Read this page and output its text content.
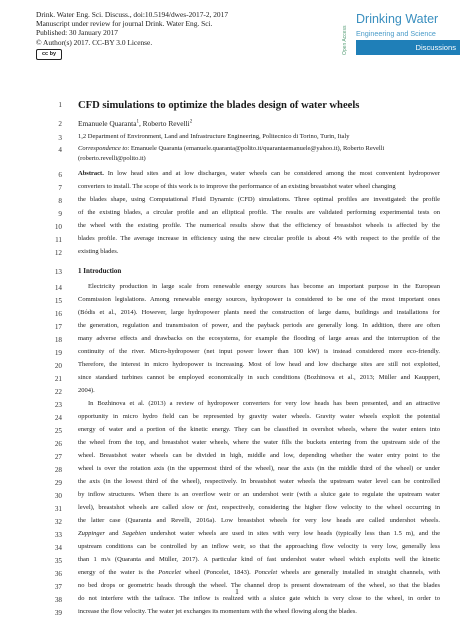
Drink. Water Eng. Sci. Discuss., doi:10.5194/dwes-2017-2, 2017
Manuscript under review for journal Drink. Water Eng. Sci.
Published: 30 January 2017
© Author(s) 2017. CC-BY 3.0 License.
cc by	Open Access
Drinking Water
Engineering and Science
Discussions
1 CFD simulations to optimize the blades design of water wheels
2 Emanuele Quaranta$^1$, Roberto Revelli$^2$
3 1,2 Department of Environment, Land and Infrastructure Engineering, Politecnico di Torino, Turin, Italy
4 Correspondence to: Emanuele Quaranta (emanuele.quaranta@polito.it/quarantaemanuele@yahoo.it), Roberto Revelli
(roberto.revelli@polito.it)
6 Abstract. In low head sites and at low discharges, water wheels can be considered among the most convenient hydropower
7 converters to install. The scope of this work is to improve the performance of an existing breastshot water wheel changing
8 the blades shape, using Computational Fluid Dynamic (CFD) simulations. Three optimal profiles are investigated: the profile
9 of the existing blades, a circular profile and an elliptical profile. The results are validated performing experimental tests on
10 the wheel with the existing profile. The numerical results show that the efficiency of breastshot wheels is affected by the
11 blades profile. The average increase in efficiency using the new circular profile is about 4% with respect to the profile of the
12 existing blades.
13 1 Introduction
14	Electricity production in large scale from renewable energy sources has become an important purpose in the European
15 Commission legislations. Among renewable energy sources, hydropower is considered to be one of the most important ones
16 (Bódis et al., 2014). However, large hydropower plants need the construction of large dams, buildings and installations for
17 the generation, regulation and transmission of power, and the payback periods are generally long. In addition, there are often
18 many adverse effects and drawbacks on the ecosystems, for example the flooding of large areas and the interruption of the
19 continuity of the river. Micro-hydropower (net input power lower than 100 kW) is instead considered more eco-friendly.
20 Therefore, the interest in micro hydropower is increasing. Most of low head and low discharge sites are still not exploited,
21 since standard turbines cannot be employed economically in such conditions (Bozhinova et al., 2013; Müller and Kauppert,
22 2004).
23	In Bozhinova et al. (2013) a review of hydropower converters for very low heads has been presented, and an attractive
24 opportunity in micro hydro field can be represented by gravity water wheels. Gravity water wheels exploit the potential
25 energy of water and a portion of the kinetic energy. They can be classified in overshot wheels, where the water enters into
26 the wheel from the top, and breastshot water wheels, where the water fills the buckets entering from the upstream side of the
27 wheel. Breastshot water wheels can be divided in high, middle and low, depending whether the water entry point to the
28 wheel is over the rotation axis (in the uppermost third of the wheel), near the axis (in the middle third of the wheel) or under
29 the axis (in the lowest third of the wheel), respectively. In breastshot water wheels the upstream water level can be controlled
30 by inflow structures. When there is an overflow weir or an undershot weir (with a sluice gate to regulate the upstream water
31 level), breastshot wheels are called slow or fast, respectively, considering the higher flow velocity to the wheel occurring in
32 the latter case (Quaranta and Revelli, 2016a). Low breastshot wheels for very low heads are called undershot wheels.
33 Zuppinger and Sagebien undershot water wheels are used in sites with very low heads (typically less than 1.5 m), and the
34 upstream conditions can be controlled by an inflow weir, so that the approaching flow velocity is very low, generally less
35 than 1 m/s (Quaranta and Müller, 2017). A particular kind of fast undershot water wheel which exploits well the kinetic
36 energy of the water is the Poncelet wheel (Poncelet, 1843). Poncelet wheels are generally installed in straight channels, with
37 no bed drops or geometric heads through the wheel. The channel drop is present downstream of the wheel, so that the blades
38 do not interfere with the tailrace. The inflow is realized with a sluice gate which is very close to the wheel, in order to
39 increase the flow velocity. The water jet exchanges its momentum with the wheel flowing along the blades.
1
